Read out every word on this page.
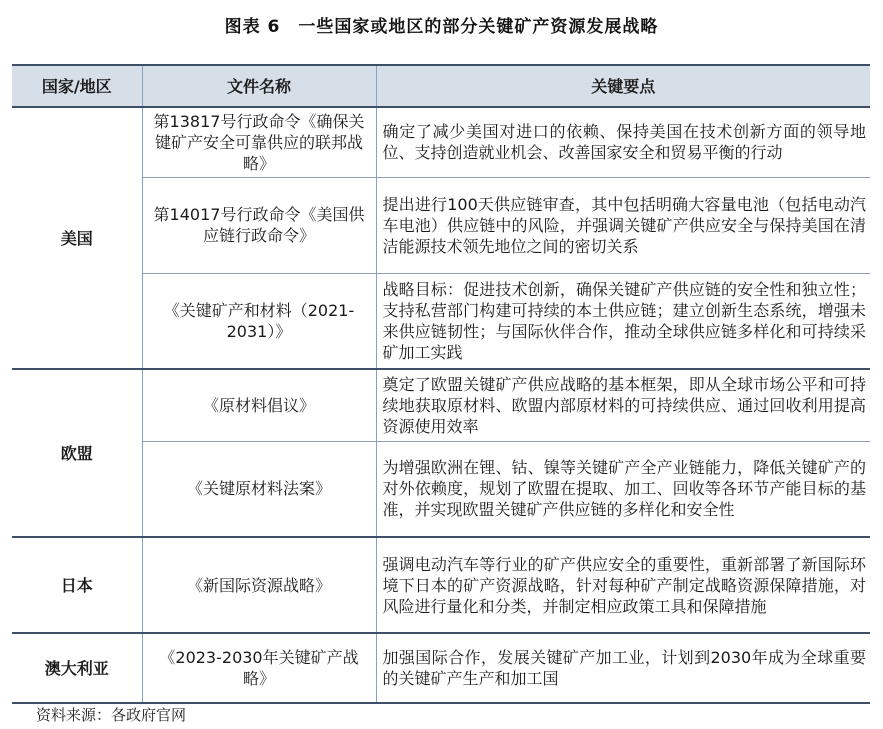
图表 6　一些国家或地区的部分关键矿产资源发展战略
国家/地区	文件名称	关键要点
美国	第13817号行政命令《确保关键矿产安全可靠供应的联邦战略》	确定了减少美国对进口的依赖、保持美国在技术创新方面的领导地位、支持创造就业机会、改善国家安全和贸易平衡的行动
	第14017号行政命令《美国供应链行政命令》	提出进行100天供应链审查，其中包括明确大容量电池（包括电动汽车电池）供应链中的风险，并强调关键矿产供应安全与保持美国在清洁能源技术领先地位之间的密切关系
	《关键矿产和材料（2021-2031）》	战略目标：促进技术创新，确保关键矿产供应链的安全性和独立性；支持私营部门构建可持续的本土供应链；建立创新生态系统，增强未来供应链韧性；与国际伙伴合作，推动全球供应链多样化和可持续采矿加工实践
欧盟	《原材料倡议》	奠定了欧盟关键矿产供应战略的基本框架，即从全球市场公平和可持续地获取原材料、欧盟内部原材料的可持续供应、通过回收利用提高资源使用效率
	《关键原材料法案》	为增强欧洲在锂、钴、镍等关键矿产全产业链能力，降低关键矿产的对外依赖度，规划了欧盟在提取、加工、回收等各环节产能目标的基准，并实现欧盟关键矿产供应链的多样化和安全性
日本	《新国际资源战略》	强调电动汽车等行业的矿产供应安全的重要性，重新部署了新国际环境下日本的矿产资源战略，针对每种矿产制定战略资源保障措施，对风险进行量化和分类，并制定相应政策工具和保障措施
澳大利亚	《2023-2030年关键矿产战略》	加强国际合作，发展关键矿产加工业，计划到2030年成为全球重要的关键矿产生产和加工国
资料来源：各政府官网
